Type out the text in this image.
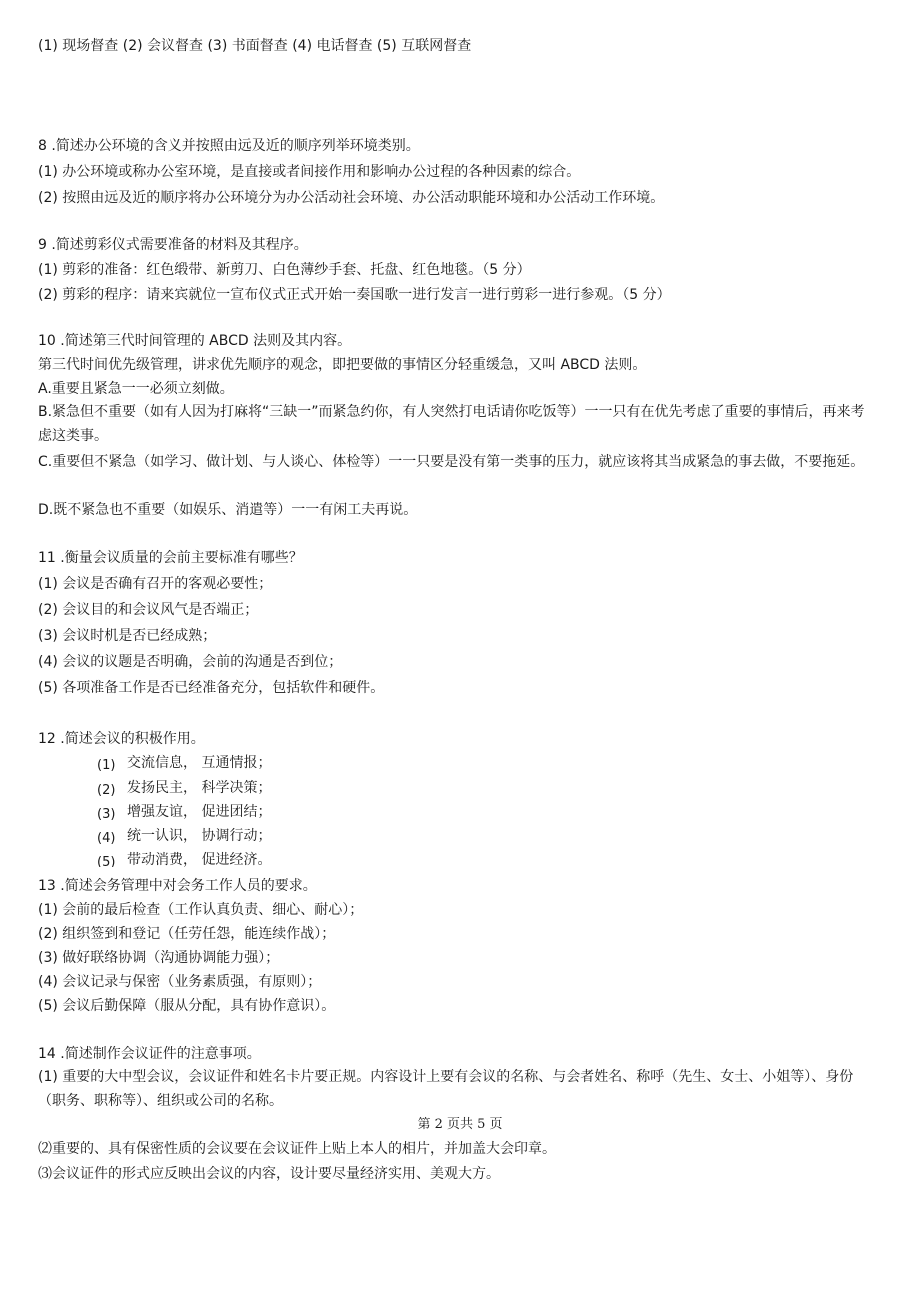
(1) 现场督查 (2) 会议督查 (3) 书面督查 (4) 电话督查 (5) 互联网督查
8 .简述办公环境的含义并按照由远及近的顺序列举环境类别。
(1) 办公环境或称办公室环境，是直接或者间接作用和影响办公过程的各种因素的综合。
(2) 按照由远及近的顺序将办公环境分为办公活动社会环境、办公活动职能环境和办公活动工作环境。
9 .简述剪彩仪式需要准备的材料及其程序。
(1) 剪彩的准备：红色缎带、新剪刀、白色薄纱手套、托盘、红色地毯。（5 分）
(2) 剪彩的程序：请来宾就位一宣布仪式正式开始一奏国歌一进行发言一进行剪彩一进行参观。（5 分）
10 .简述第三代时间管理的 ABCD 法则及其内容。
第三代时间优先级管理，讲求优先顺序的观念，即把要做的事情区分轻重缓急，又叫 ABCD 法则。
A.重要且紧急一一必须立刻做。
B.紧急但不重要（如有人因为打麻将“三缺一”而紧急约你，有人突然打电话请你吃饭等）一一只有在优先考虑了重要的事情后，再来考虑这类事。
C.重要但不紧急（如学习、做计划、与人谈心、体检等）一一只要是没有第一类事的压力，就应该将其当成紧急的事去做，不要拖延。
D.既不紧急也不重要（如娱乐、消遣等）一一有闲工夫再说。
11 .衡量会议质量的会前主要标准有哪些？
(1) 会议是否确有召开的客观必要性；
(2) 会议目的和会议风气是否端正；
(3) 会议时机是否已经成熟；
(4) 会议的议题是否明确，会前的沟通是否到位；
(5) 各项准备工作是否已经准备充分，包括软件和硬件。
12 .简述会议的积极作用。
(1) 交流信息， 互通情报；
(2) 发扬民主， 科学决策；
(3) 增强友谊， 促进团结；
(4) 统一认识， 协调行动；
(5) 带动消费， 促进经济。
13 .简述会务管理中对会务工作人员的要求。
(1) 会前的最后检查（工作认真负责、细心、耐心）；
(2) 组织签到和登记（任劳任怨，能连续作战）；
(3) 做好联络协调（沟通协调能力强）；
(4) 会议记录与保密（业务素质强，有原则）；
(5) 会议后勤保障（服从分配，具有协作意识）。
14 .简述制作会议证件的注意事项。
(1) 重要的大中型会议，会议证件和姓名卡片要正规。内容设计上要有会议的名称、与会者姓名、称呼（先生、女士、小姐等）、身份（职务、职称等）、组织或公司的名称。
第 2 页共 5 页
⑵重要的、具有保密性质的会议要在会议证件上贴上本人的相片，并加盖大会印章。
⑶会议证件的形式应反映出会议的内容，设计要尽量经济实用、美观大方。
